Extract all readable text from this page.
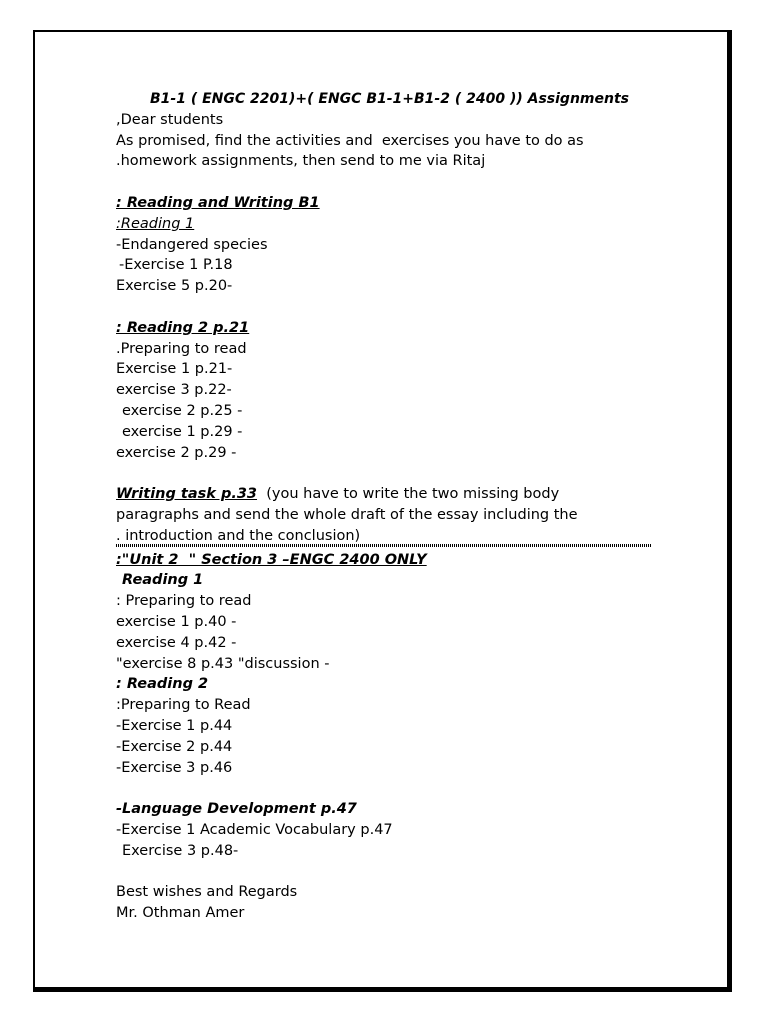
B1-1 ( ENGC 2201)+( ENGC B1-1+B1-2 ( 2400 )) Assignments
,Dear students
As promised, find the activities and  exercises you have to do as
.homework assignments, then send to me via Ritaj
: Reading and Writing B1
:Reading 1
-Endangered species
-Exercise 1 P.18
Exercise 5 p.20-
: Reading 2 p.21
.Preparing to read
Exercise 1 p.21-
exercise 3 p.22-
exercise 2 p.25 -
exercise 1 p.29 -
exercise 2 p.29 -
Writing task p.33  (you have to write the two missing body
paragraphs and send the whole draft of the essay including the
. introduction and the conclusion)
:"Unit 2  " Section 3 –ENGC 2400 ONLY
Reading 1
: Preparing to read
exercise 1 p.40 -
exercise 4 p.42 -
"exercise 8 p.43 "discussion -
: Reading 2
:Preparing to Read
-Exercise 1 p.44
-Exercise 2 p.44
-Exercise 3 p.46
-Language Development p.47
-Exercise 1 Academic Vocabulary p.47
Exercise 3 p.48-
Best wishes and Regards
Mr. Othman Amer
